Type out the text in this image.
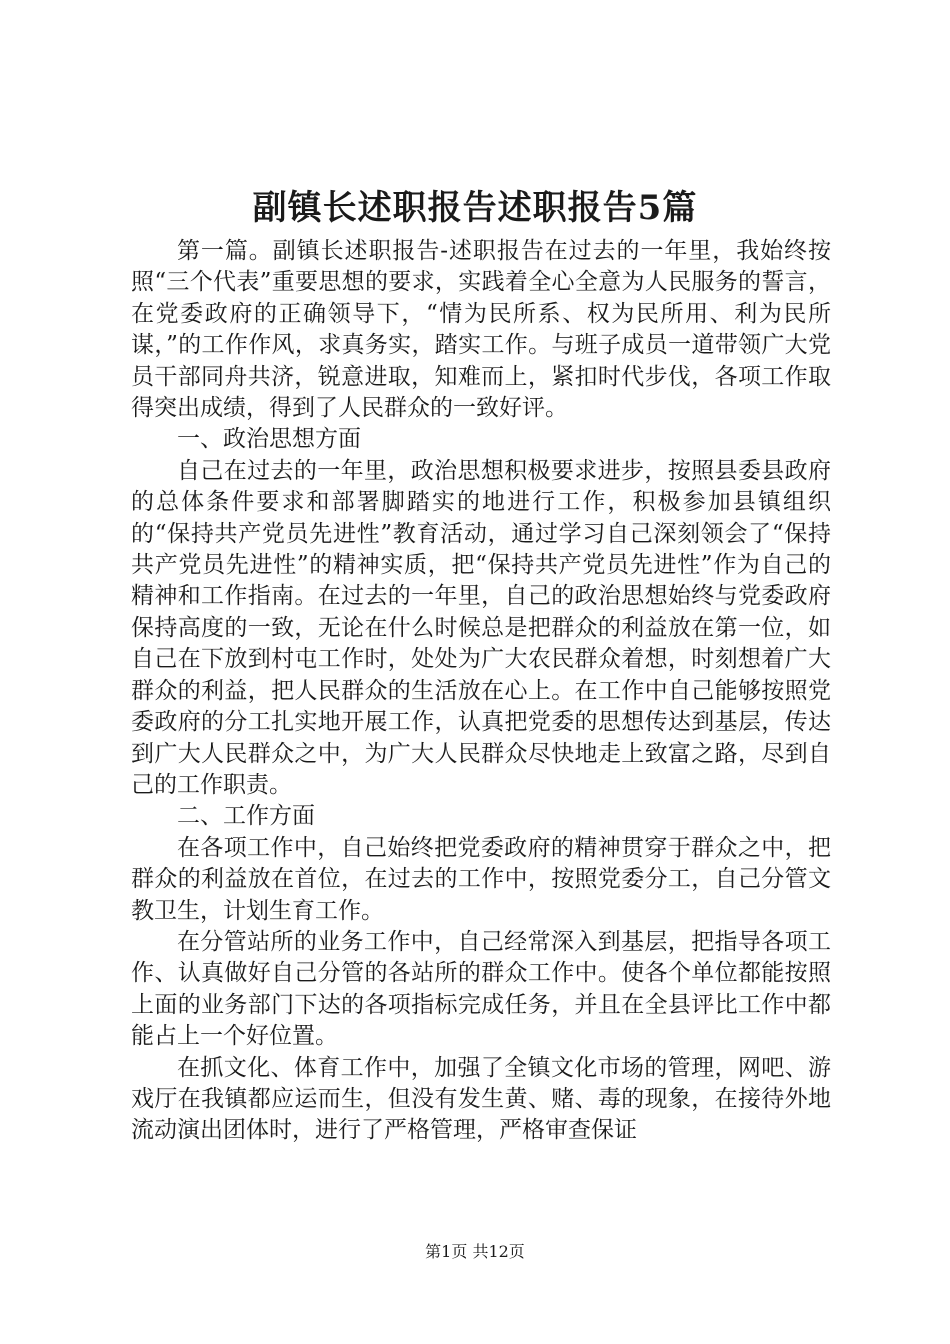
副镇长述职报告述职报告5篇

第一篇。副镇长述职报告-述职报告在过去的一年里，我始终按照“三个代表”重要思想的要求，实践着全心全意为人民服务的誓言，在党委政府的正确领导下，“情为民所系、权为民所用、利为民所谋，”的工作作风，求真务实，踏实工作。与班子成员一道带领广大党员干部同舟共济，锐意进取，知难而上，紧扣时代步伐，各项工作取得突出成绩，得到了人民群众的一致好评。

一、政治思想方面

自己在过去的一年里，政治思想积极要求进步，按照县委县政府的总体条件要求和部署脚踏实的地进行工作，积极参加县镇组织的“保持共产党员先进性”教育活动，通过学习自己深刻领会了“保持共产党员先进性”的精神实质，把“保持共产党员先进性”作为自己的精神和工作指南。在过去的一年里，自己的政治思想始终与党委政府保持高度的一致，无论在什么时候总是把群众的利益放在第一位，如自己在下放到村屯工作时，处处为广大农民群众着想，时刻想着广大群众的利益，把人民群众的生活放在心上。在工作中自己能够按照党委政府的分工扎实地开展工作，认真把党委的思想传达到基层，传达到广大人民群众之中，为广大人民群众尽快地走上致富之路，尽到自己的工作职责。

二、工作方面

在各项工作中，自己始终把党委政府的精神贯穿于群众之中，把群众的利益放在首位，在过去的工作中，按照党委分工，自己分管文教卫生，计划生育工作。

在分管站所的业务工作中，自己经常深入到基层，把指导各项工作、认真做好自己分管的各站所的群众工作中。使各个单位都能按照上面的业务部门下达的各项指标完成任务，并且在全县评比工作中都能占上一个好位置。

在抓文化、体育工作中，加强了全镇文化市场的管理，网吧、游戏厅在我镇都应运而生，但没有发生黄、赌、毒的现象，在接待外地流动演出团体时，进行了严格管理，严格审查保证

第1页 共12页
